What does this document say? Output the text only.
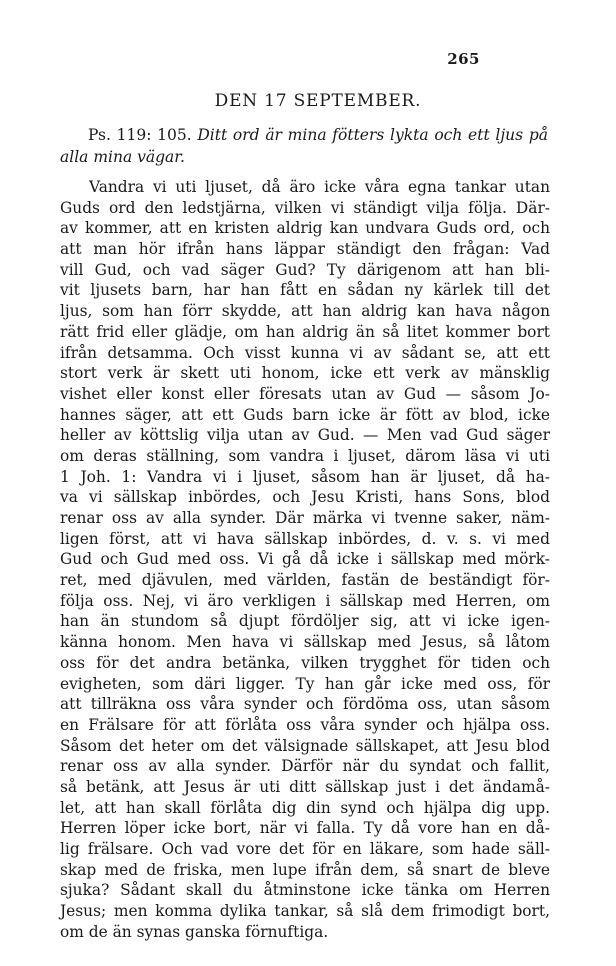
265
DEN 17 SEPTEMBER.
Ps. 119: 105. Ditt ord är mina fötters lykta och ett ljus på alla mina vägar.
Vandra vi uti ljuset, då äro icke våra egna tankar utan
Guds ord den ledstjärna, vilken vi ständigt vilja följa. Där-
av kommer, att en kristen aldrig kan undvara Guds ord, och
att man hör ifrån hans läppar ständigt den frågan: Vad
vill Gud, och vad säger Gud? Ty därigenom att han bli-
vit ljusets barn, har han fått en sådan ny kärlek till det
ljus, som han förr skydde, att han aldrig kan hava någon
rätt frid eller glädje, om han aldrig än så litet kommer bort
ifrån detsamma. Och visst kunna vi av sådant se, att ett
stort verk är skett uti honom, icke ett verk av mänsklig
vishet eller konst eller föresats utan av Gud — såsom Jo-
hannes säger, att ett Guds barn icke är fött av blod, icke
heller av köttslig vilja utan av Gud. — Men vad Gud säger
om deras ställning, som vandra i ljuset, därom läsa vi uti
1 Joh. 1: Vandra vi i ljuset, såsom han är ljuset, då ha-
va vi sällskap inbördes, och Jesu Kristi, hans Sons, blod
renar oss av alla synder. Där märka vi tvenne saker, näm-
ligen först, att vi hava sällskap inbördes, d. v. s. vi med
Gud och Gud med oss. Vi gå då icke i sällskap med mörk-
ret, med djävulen, med världen, fastän de beständigt för-
följa oss. Nej, vi äro verkligen i sällskap med Herren, om
han än stundom så djupt fördöljer sig, att vi icke igen-
känna honom. Men hava vi sällskap med Jesus, så låtom
oss för det andra betänka, vilken trygghet för tiden och
evigheten, som däri ligger. Ty han går icke med oss, för
att tillräkna oss våra synder och fördöma oss, utan såsom
en Frälsare för att förlåta oss våra synder och hjälpa oss.
Såsom det heter om det välsignade sällskapet, att Jesu blod
renar oss av alla synder. Därför när du syndat och fallit,
så betänk, att Jesus är uti ditt sällskap just i det ändamå-
let, att han skall förlåta dig din synd och hjälpa dig upp.
Herren löper icke bort, när vi falla. Ty då vore han en då-
lig frälsare. Och vad vore det för en läkare, som hade säll-
skap med de friska, men lupe ifrån dem, så snart de bleve
sjuka? Sådant skall du åtminstone icke tänka om Herren
Jesus; men komma dylika tankar, så slå dem frimodigt bort,
om de än synas ganska förnuftiga.
